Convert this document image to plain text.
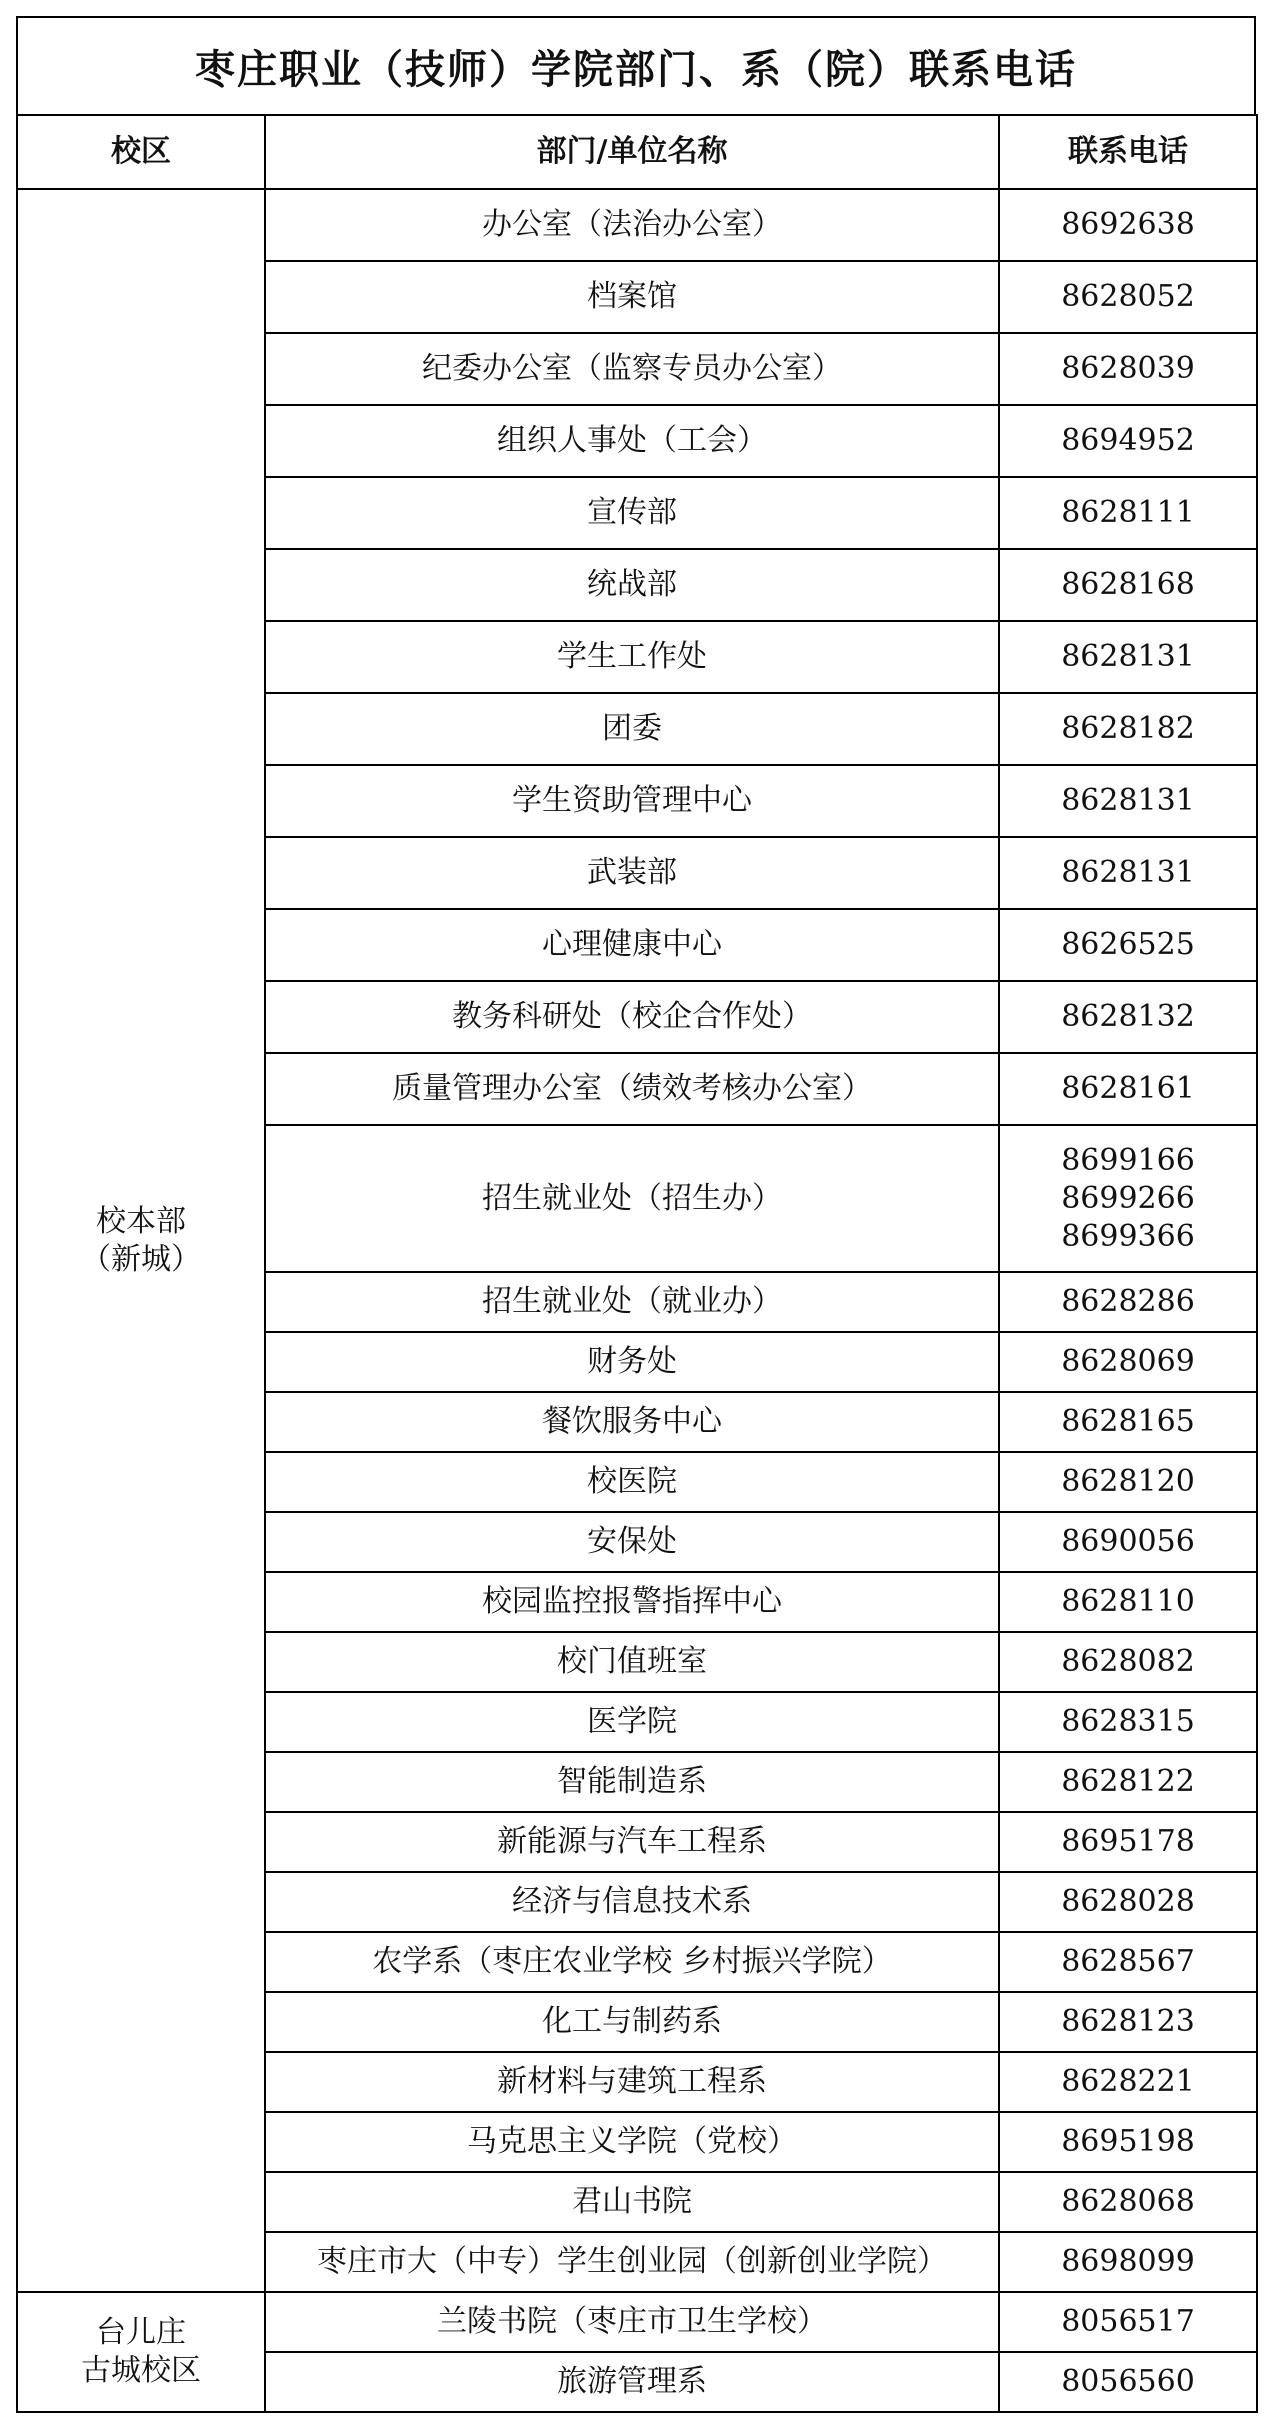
枣庄职业（技师）学院部门、系（院）联系电话
校区	部门/单位名称	联系电话

校本部
（新城）	办公室（法治办公室）	8692638
	档案馆	8628052
	纪委办公室（监察专员办公室）	8628039
	组织人事处（工会）	8694952
	宣传部	8628111
	统战部	8628168
	学生工作处	8628131
	团委	8628182
	学生资助管理中心	8628131
	武装部	8628131
	心理健康中心	8626525
	教务科研处（校企合作处）	8628132
	质量管理办公室（绩效考核办公室）	8628161
	招生就业处（招生办）	8699166
8699266
8699366

	招生就业处（就业办）	8628286
	财务处	8628069
	餐饮服务中心	8628165
	校医院	8628120
	安保处	8690056
	校园监控报警指挥中心	8628110
	校门值班室	8628082
	医学院	8628315
	智能制造系	8628122
	新能源与汽车工程系	8695178
	经济与信息技术系	8628028
	农学系（枣庄农业学校 乡村振兴学院）	8628567
	化工与制药系	8628123
	新材料与建筑工程系	8628221
	马克思主义学院（党校）	8695198
	君山书院	8628068
	枣庄市大（中专）学生创业园（创新创业学院）	8698099

台儿庄
古城校区	兰陵书院（枣庄市卫生学校）	8056517
	旅游管理系	8056560
